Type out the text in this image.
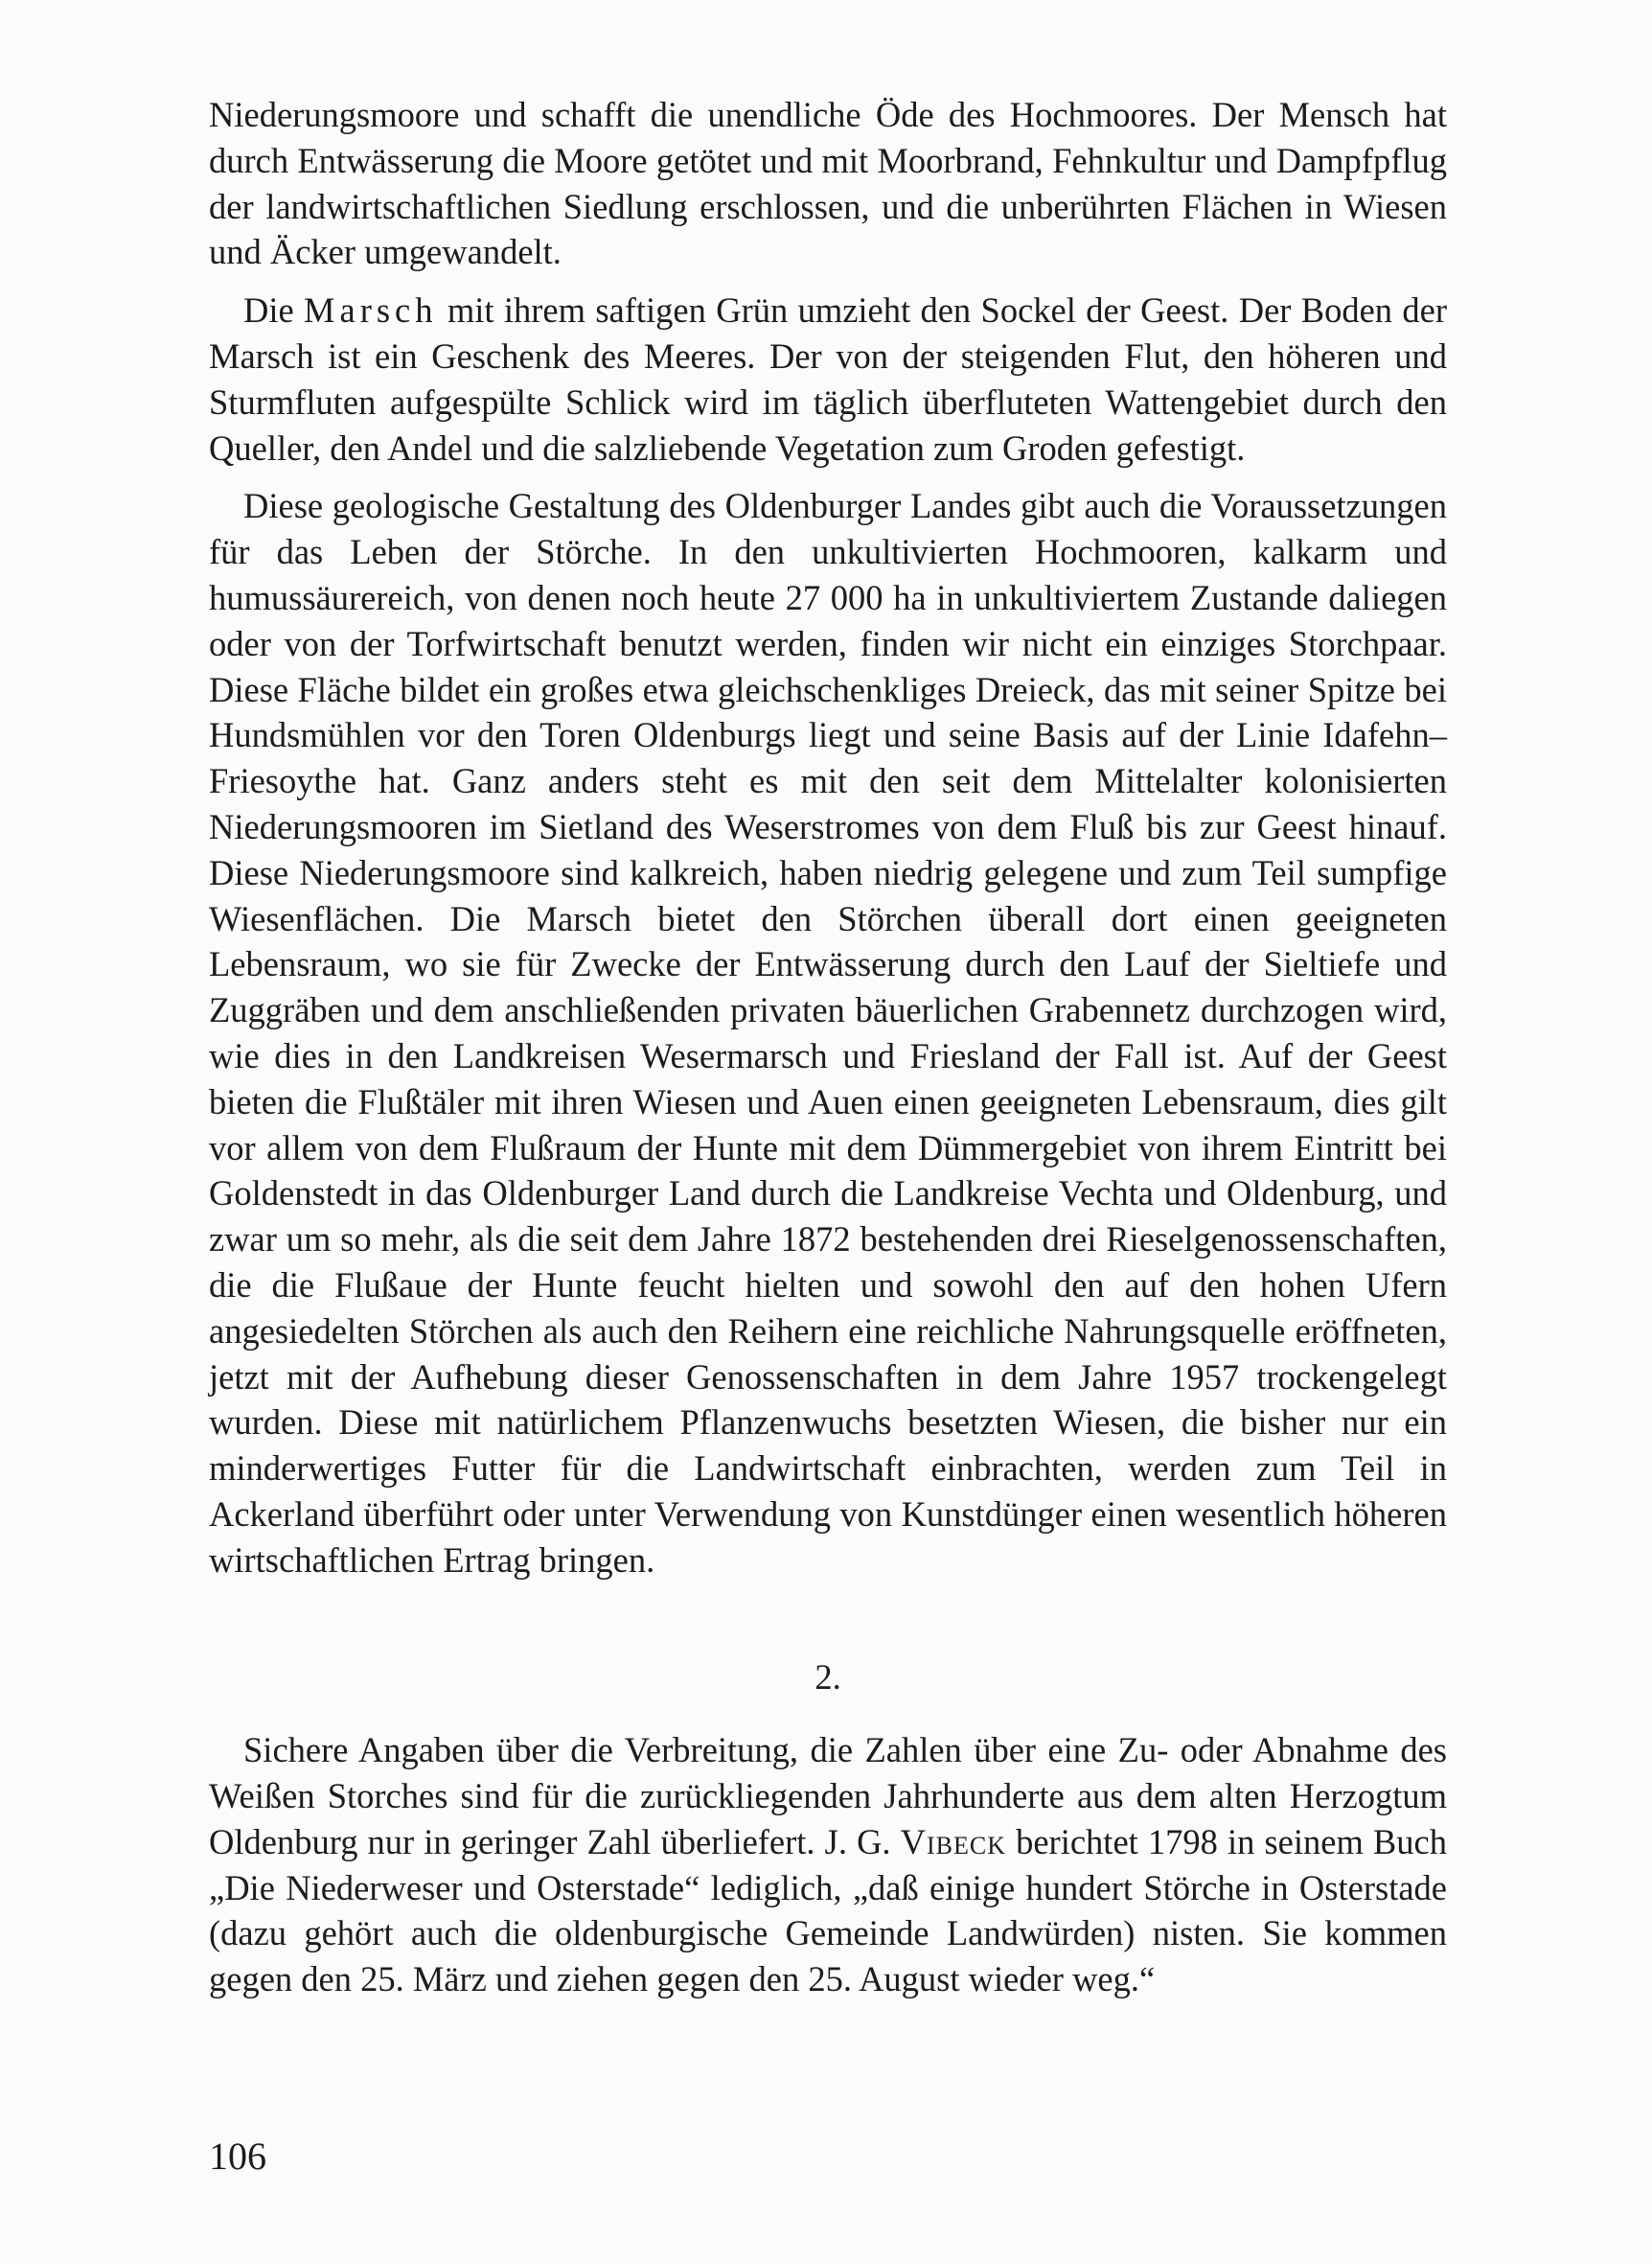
Niederungsmoore und schafft die unendliche Öde des Hochmoores. Der Mensch hat durch Entwässerung die Moore getötet und mit Moorbrand, Fehnkultur und Dampfpflug der landwirtschaftlichen Siedlung erschlossen, und die unberührten Flächen in Wiesen und Äcker umgewandelt.

Die Marsch mit ihrem saftigen Grün umzieht den Sockel der Geest. Der Boden der Marsch ist ein Geschenk des Meeres. Der von der steigenden Flut, den höheren und Sturmfluten aufgespülte Schlick wird im täglich überfluteten Wattengebiet durch den Queller, den Andel und die salzliebende Vegetation zum Groden gefestigt.

Diese geologische Gestaltung des Oldenburger Landes gibt auch die Voraussetzungen für das Leben der Störche. In den unkultivierten Hochmooren, kalkarm und humussäurereich, von denen noch heute 27 000 ha in unkultiviertem Zustande daliegen oder von der Torfwirtschaft benutzt werden, finden wir nicht ein einziges Storchpaar. Diese Fläche bildet ein großes etwa gleichschenkliges Dreieck, das mit seiner Spitze bei Hundsmühlen vor den Toren Oldenburgs liegt und seine Basis auf der Linie Idafehn–Friesoythe hat. Ganz anders steht es mit den seit dem Mittelalter kolonisierten Niederungsmooren im Sietland des Weserstromes von dem Fluß bis zur Geest hinauf. Diese Niederungsmoore sind kalkreich, haben niedrig gelegene und zum Teil sumpfige Wiesenflächen. Die Marsch bietet den Störchen überall dort einen geeigneten Lebensraum, wo sie für Zwecke der Entwässerung durch den Lauf der Sieltiefe und Zuggräben und dem anschließenden privaten bäuerlichen Grabennetz durchzogen wird, wie dies in den Landkreisen Wesermarsch und Friesland der Fall ist. Auf der Geest bieten die Flußtäler mit ihren Wiesen und Auen einen geeigneten Lebensraum, dies gilt vor allem von dem Flußraum der Hunte mit dem Dümmergebiet von ihrem Eintritt bei Goldenstedt in das Oldenburger Land durch die Landkreise Vechta und Oldenburg, und zwar um so mehr, als die seit dem Jahre 1872 bestehenden drei Rieselgenossenschaften, die die Flußaue der Hunte feucht hielten und sowohl den auf den hohen Ufern angesiedelten Störchen als auch den Reihern eine reichliche Nahrungsquelle eröffneten, jetzt mit der Aufhebung dieser Genossenschaften in dem Jahre 1957 trockengelegt wurden. Diese mit natürlichem Pflanzenwuchs besetzten Wiesen, die bisher nur ein minderwertiges Futter für die Landwirtschaft einbrachten, werden zum Teil in Ackerland überführt oder unter Verwendung von Kunstdünger einen wesentlich höheren wirtschaftlichen Ertrag bringen.

2.

Sichere Angaben über die Verbreitung, die Zahlen über eine Zu- oder Abnahme des Weißen Storches sind für die zurückliegenden Jahrhunderte aus dem alten Herzogtum Oldenburg nur in geringer Zahl überliefert. J. G. Vibeck berichtet 1798 in seinem Buch „Die Niederweser und Osterstade“ lediglich, „daß einige hundert Störche in Osterstade (dazu gehört auch die oldenburgische Gemeinde Landwürden) nisten. Sie kommen gegen den 25. März und ziehen gegen den 25. August wieder weg.“

106
